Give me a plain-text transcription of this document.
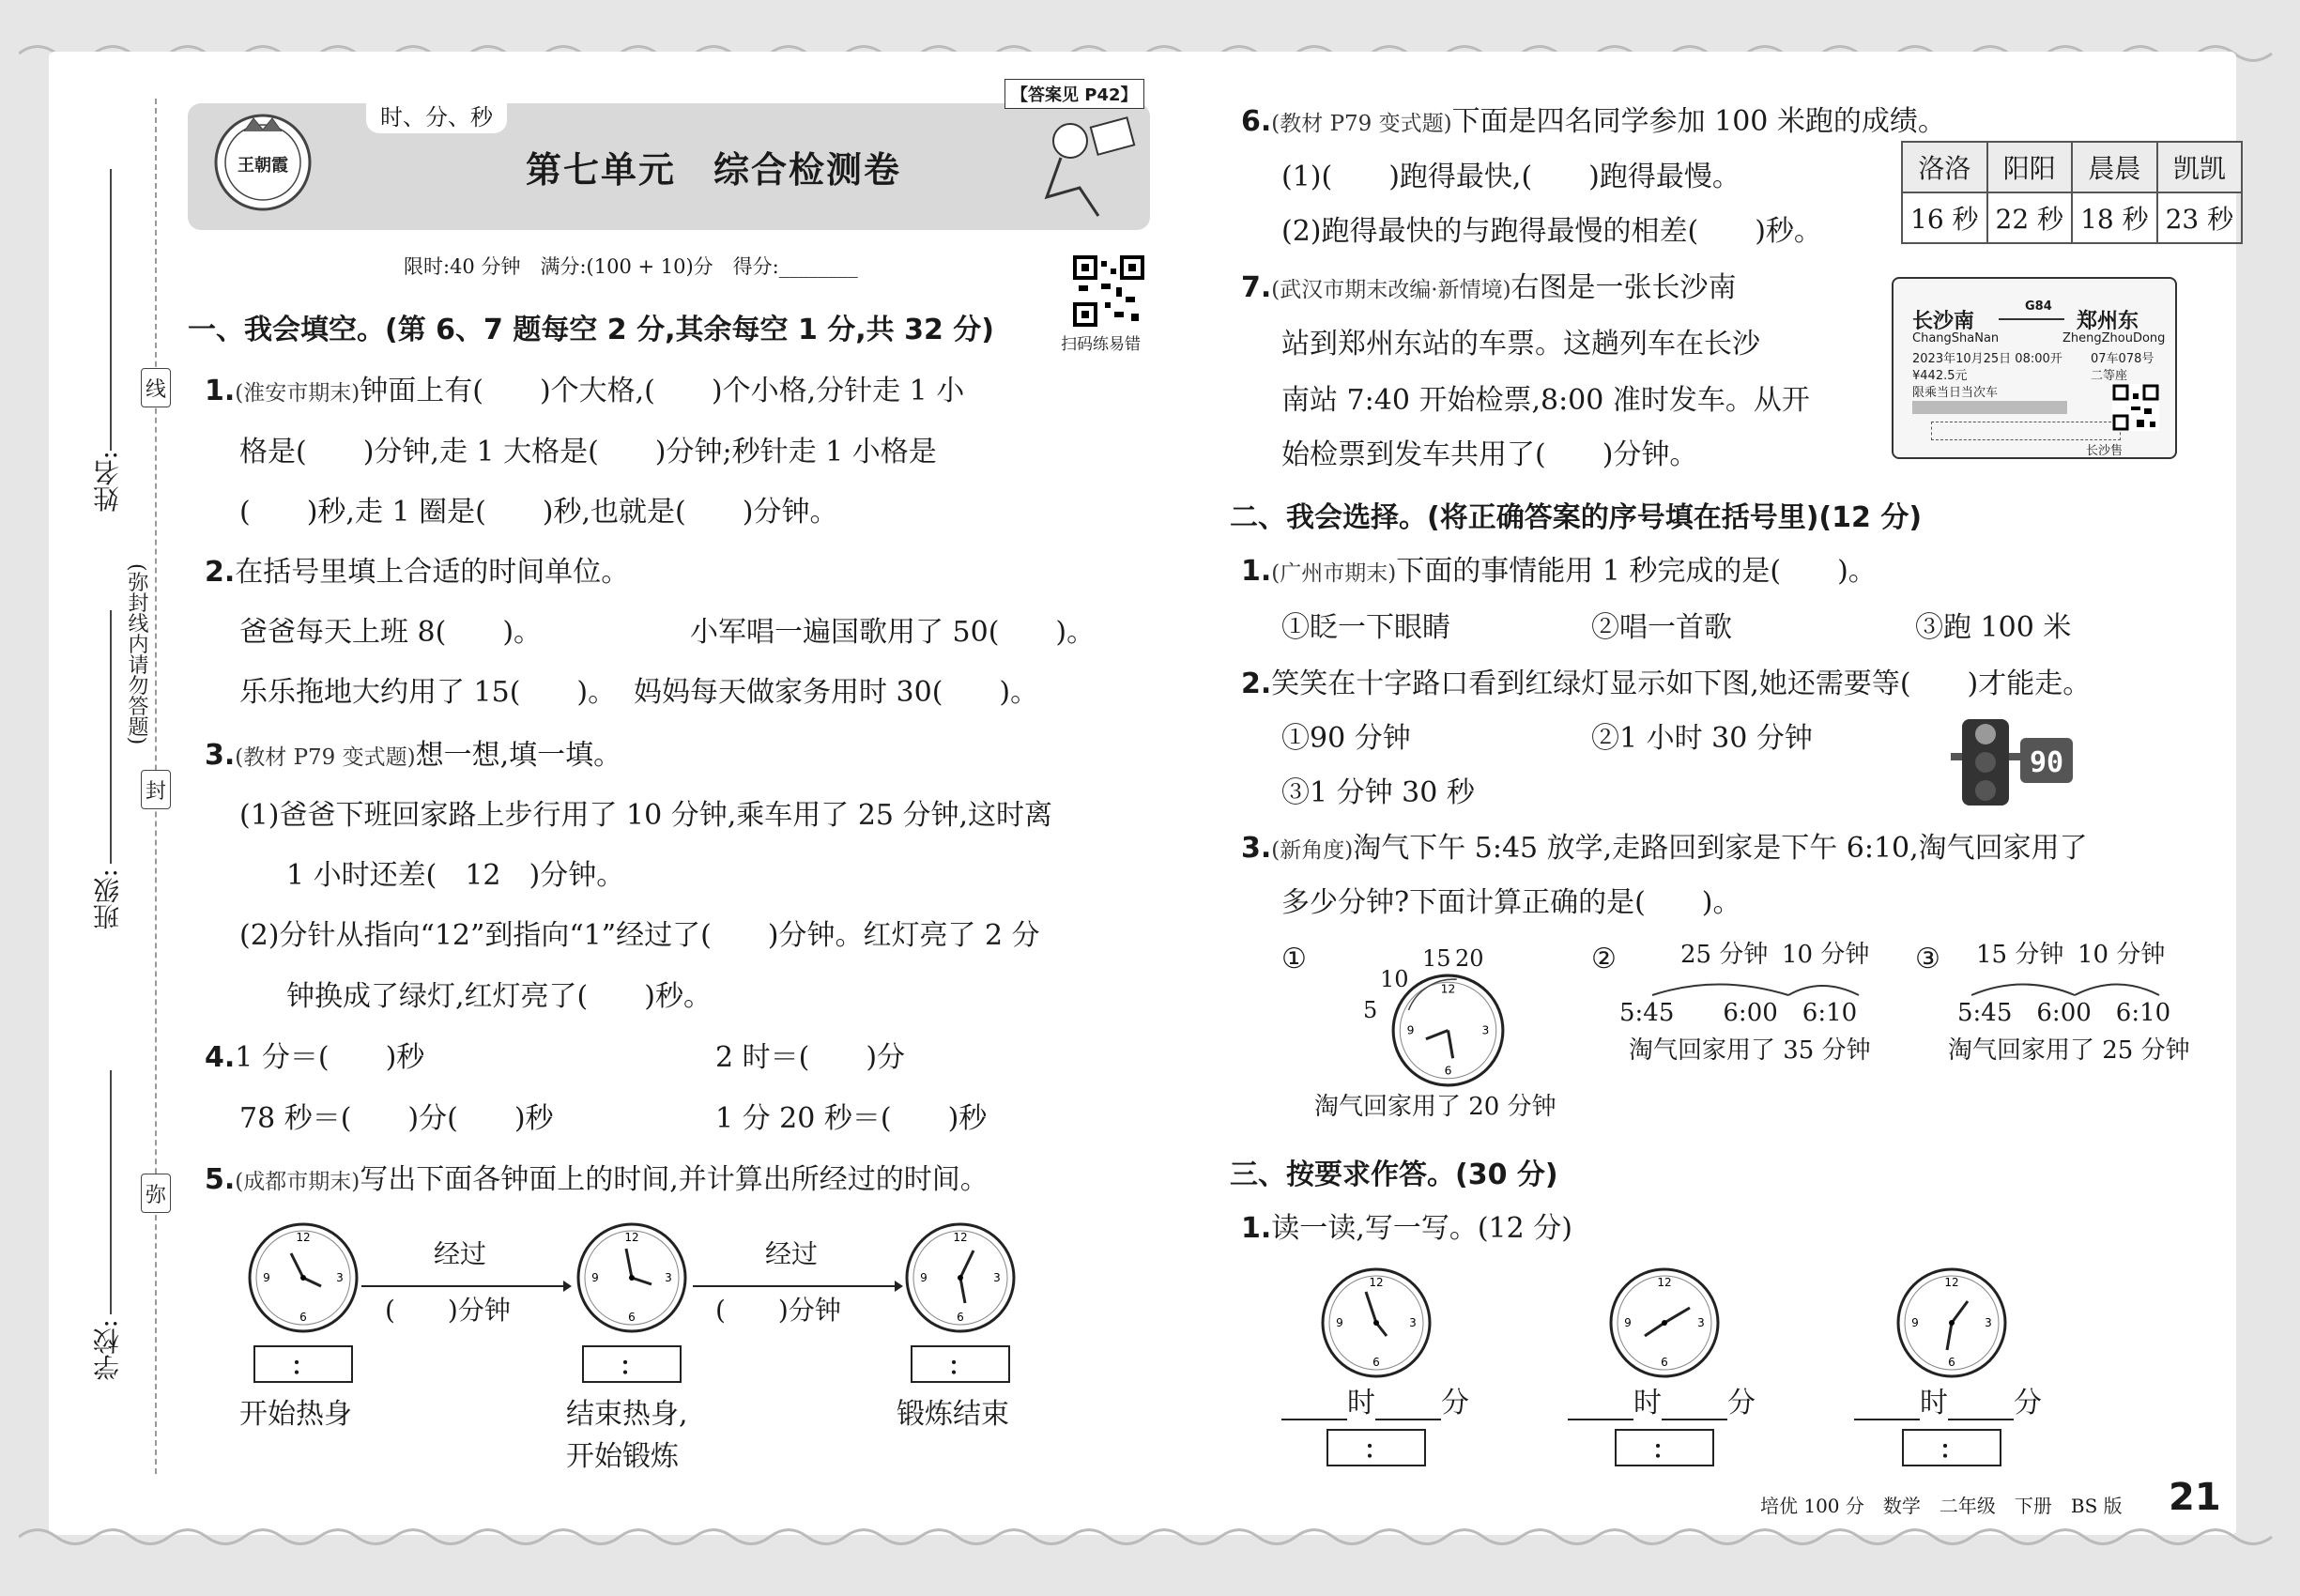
姓名:
班级:
学校:
线
(弥封线内请勿答题)
封
弥
时、分、秒
第七单元　综合检测卷
【答案见 P42】
王朝霞
限时:40 分钟　满分:(100 + 10)分　得分:________
扫码练易错
一、我会填空。(第 6、7 题每空 2 分,其余每空 1 分,共 32 分)
1.(淮安市期末)钟面上有(　　)个大格,(　　)个小格,分针走 1 小
格是(　　)分钟,走 1 大格是(　　)分钟;秒针走 1 小格是
(　　)秒,走 1 圈是(　　)秒,也就是(　　)分钟。
2.在括号里填上合适的时间单位。
爸爸每天上班 8(　　)。	小军唱一遍国歌用了 50(　　)。
乐乐拖地大约用了 15(　　)。 妈妈每天做家务用时 30(　　)。
3.(教材 P79 变式题)想一想,填一填。
(1)爸爸下班回家路上步行用了 10 分钟,乘车用了 25 分钟,这时离
1 小时还差(　12　)分钟。
(2)分针从指向“12”到指向“1”经过了(　　)分钟。红灯亮了 2 分
钟换成了绿灯,红灯亮了(　　)秒。
4.1 分＝(　　)秒	2 时＝(　　)分
78 秒＝(　　)分(　　)秒	1 分 20 秒＝(　　)秒
5.(成都市期末)写出下面各钟面上的时间,并计算出所经过的时间。
12
3
6
9
12
3
6
9
12
3
6
9
经过
(　　)分钟
经过
(　　)分钟
：	：	：
开始热身	结束热身,
开始锻炼
锻炼结束
6.(教材 P79 变式题)下面是四名同学参加 100 米跑的成绩。
(1)(　　)跑得最快,(　　)跑得最慢。
(2)跑得最快的与跑得最慢的相差(　　)秒。
洛洛	阳阳	晨晨	凯凯
16 秒	22 秒	18 秒	23 秒
7.(武汉市期末改编·新情境)右图是一张长沙南
站到郑州东站的车票。这趟列车在长沙
南站 7:40 开始检票,8:00 准时发车。从开
始检票到发车共用了(　　)分钟。
长沙南
G84
郑州东
ChangShaNan	ZhengZhouDong
2023年10月25日 08:00开 07车078号
¥442.5元	二等座
限乘当日当次车
长沙售
二、我会选择。(将正确答案的序号填在括号里)(12 分)
1.(广州市期末)下面的事情能用 1 秒完成的是(　　)。
①眨一下眼睛	②唱一首歌	③跑 100 米
2.笑笑在十字路口看到红绿灯显示如下图,她还需要等(　　)才能走。
①90 分钟	②1 小时 30 分钟
③1 分钟 30 秒
90
3.(新角度)淘气下午 5:45 放学,走路回到家是下午 6:10,淘气回家用了
多少分钟?下面计算正确的是(　　)。
①	15 20
10
5
12
3
6
9
淘气回家用了 20 分钟
②	25 分钟 10 分钟
5:45　　6:00　6:10
淘气回家用了 35 分钟
③ 15 分钟 10 分钟
5:45　6:00　6:10
淘气回家用了 25 分钟
三、按要求作答。(30 分)
1.读一读,写一写。(12 分)
12
3
6
9
12
3
6
9
12
3
6
9
时 分	时 分	时 分
：	：	：
培优 100 分　数学　二年级　下册　BS 版 21
